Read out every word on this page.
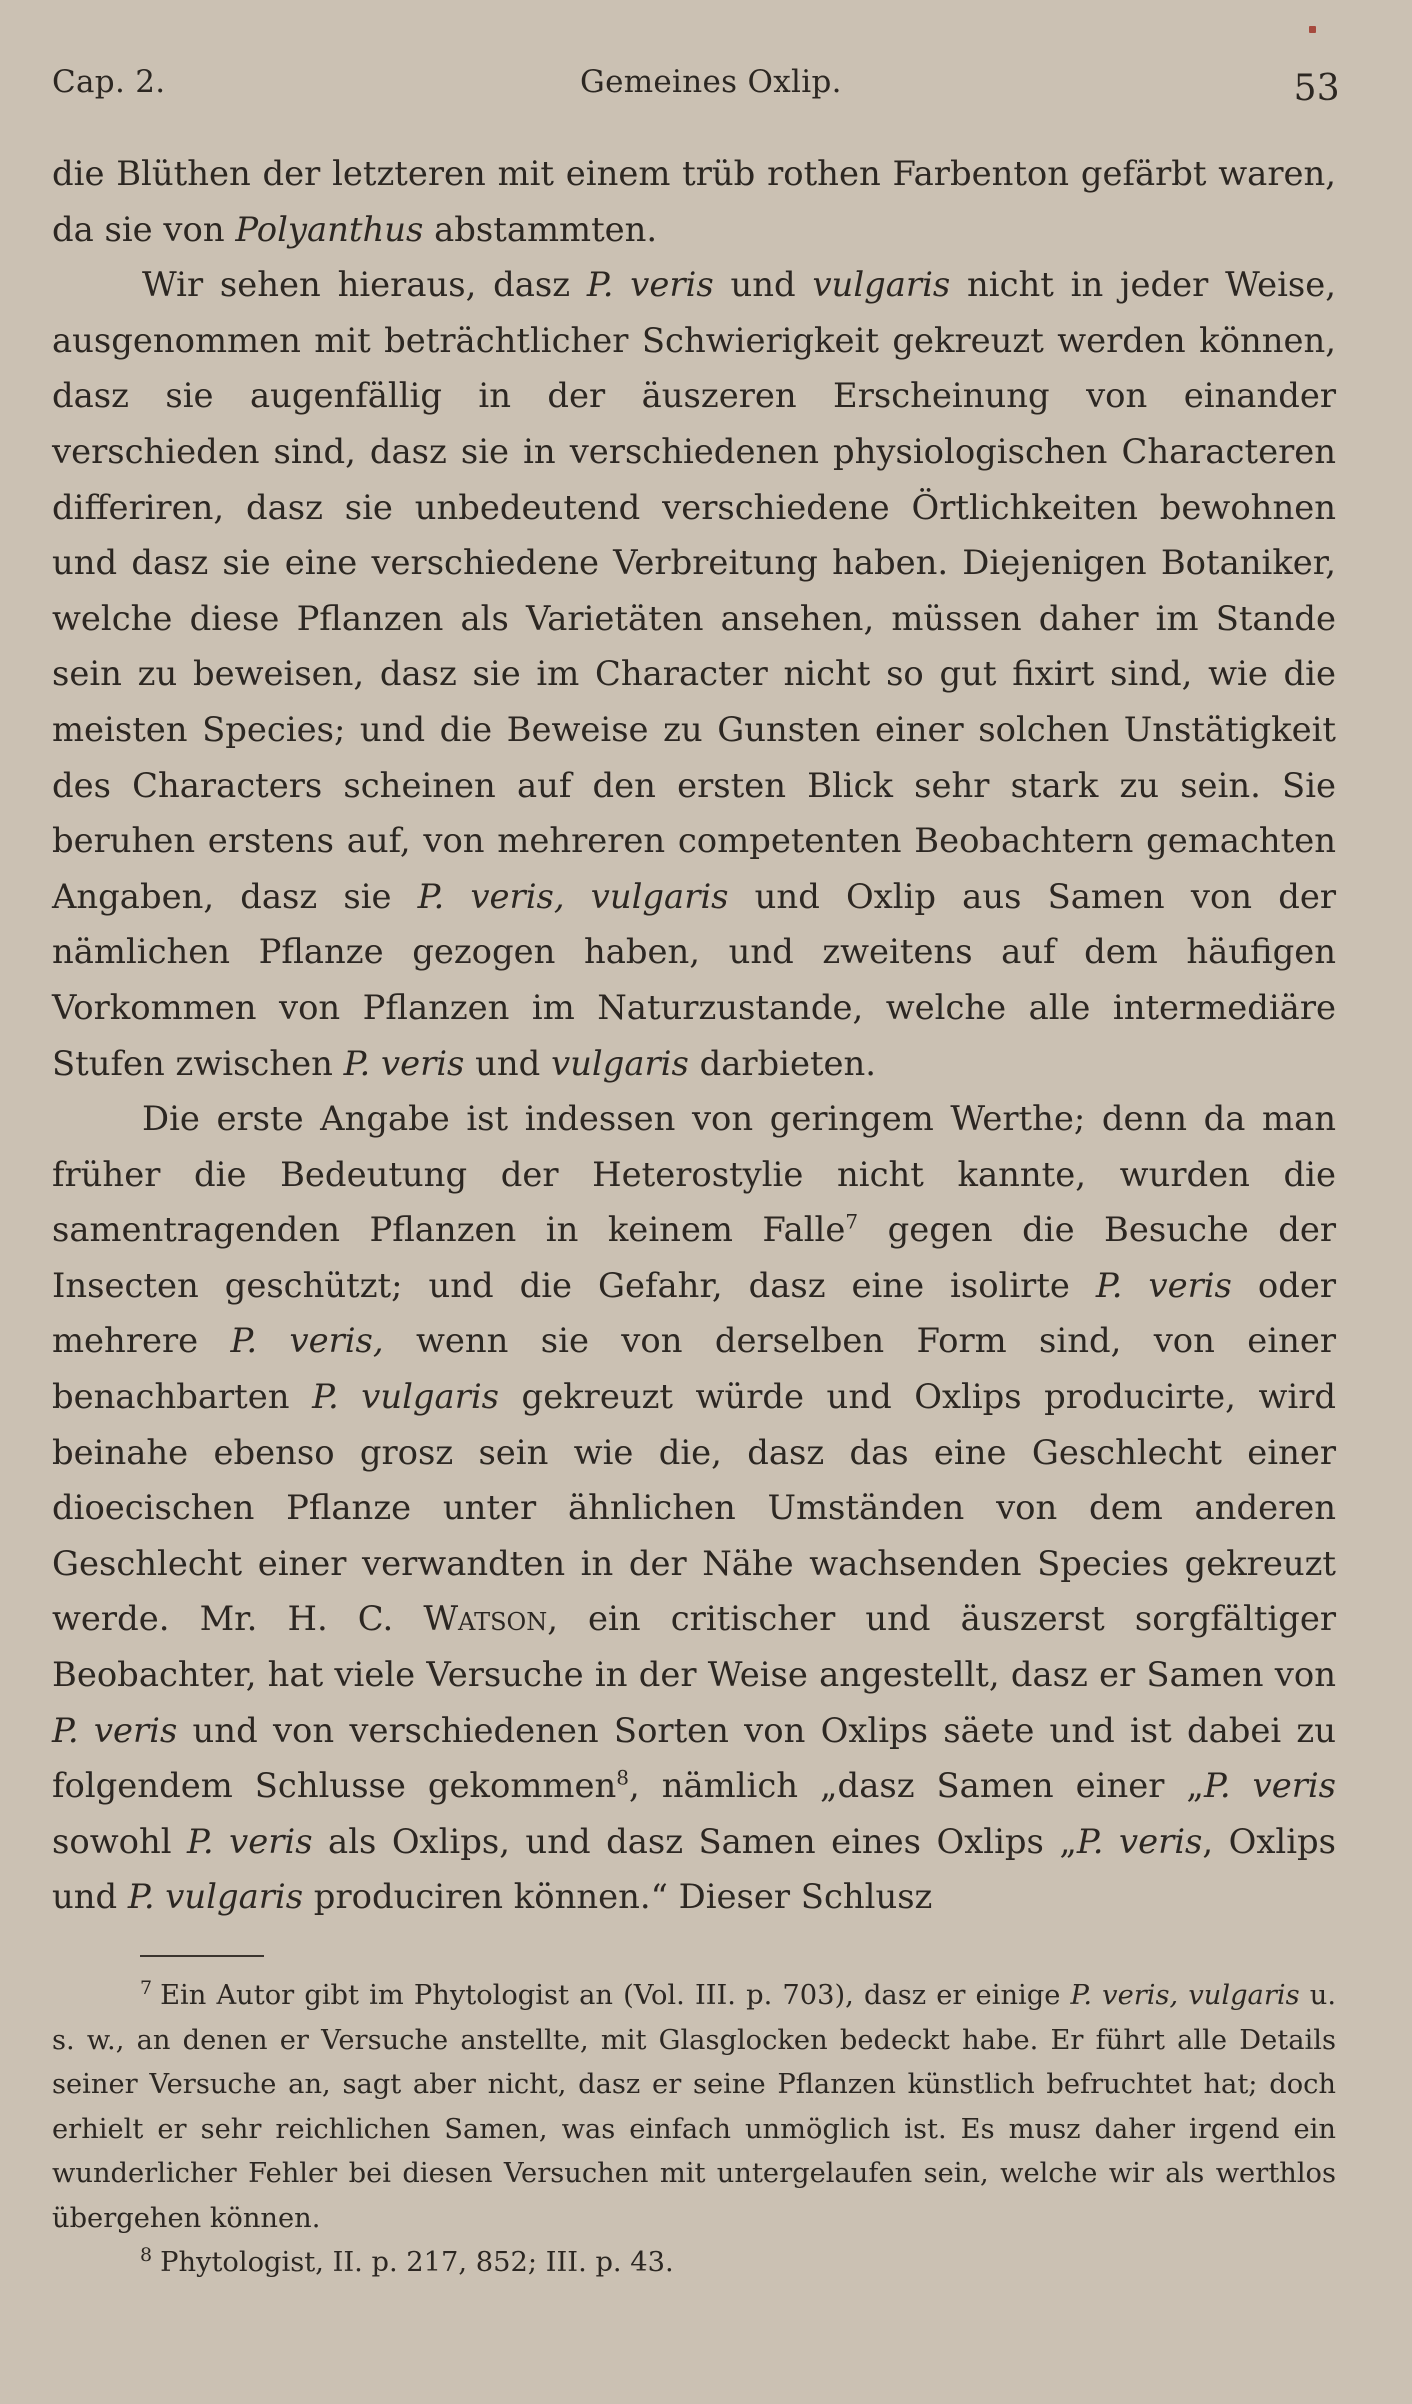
Cap. 2.	Gemeines Oxlip.	53

die Blüthen der letzteren mit einem trüb rothen Farbenton gefärbt waren, da sie von Polyanthus abstammten.

Wir sehen hieraus, dasz P. veris und vulgaris nicht in jeder Weise, ausgenommen mit beträchtlicher Schwierigkeit gekreuzt werden können, dasz sie augenfällig in der äuszeren Erscheinung von einander verschieden sind, dasz sie in verschiedenen physiologischen Characteren differiren, dasz sie unbedeutend verschiedene Örtlichkeiten bewohnen und dasz sie eine verschiedene Verbreitung haben. Diejenigen Botaniker, welche diese Pflanzen als Varietäten ansehen, müssen daher im Stande sein zu beweisen, dasz sie im Character nicht so gut fixirt sind, wie die meisten Species; und die Beweise zu Gunsten einer solchen Unstätigkeit des Characters scheinen auf den ersten Blick sehr stark zu sein. Sie beruhen erstens auf, von mehreren competenten Beobachtern gemachten Angaben, dasz sie P. veris, vulgaris und Oxlip aus Samen von der nämlichen Pflanze gezogen haben, und zweitens auf dem häufigen Vorkommen von Pflanzen im Naturzustande, welche alle intermediäre Stufen zwischen P. veris und vulgaris darbieten.

Die erste Angabe ist indessen von geringem Werthe; denn da man früher die Bedeutung der Heterostylie nicht kannte, wurden die samentragenden Pflanzen in keinem Falle$^7$ gegen die Besuche der Insecten geschützt; und die Gefahr, dasz eine isolirte P. veris oder mehrere P. veris, wenn sie von derselben Form sind, von einer benachbarten P. vulgaris gekreuzt würde und Oxlips producirte, wird beinahe ebenso grosz sein wie die, dasz das eine Geschlecht einer dioecischen Pflanze unter ähnlichen Umständen von dem anderen Geschlecht einer verwandten in der Nähe wachsenden Species gekreuzt werde. Mr. H. C. Watson, ein critischer und äuszerst sorgfältiger Beobachter, hat viele Versuche in der Weise angestellt, dasz er Samen von P. veris und von verschiedenen Sorten von Oxlips säete und ist dabei zu folgendem Schlusse gekommen$^8$, nämlich „dasz Samen einer „P. veris sowohl P. veris als Oxlips, und dasz Samen eines Oxlips „P. veris, Oxlips und P. vulgaris produciren können.“ Dieser Schlusz

$^7$ Ein Autor gibt im Phytologist an (Vol. III. p. 703), dasz er einige P. veris, vulgaris u. s. w., an denen er Versuche anstellte, mit Glasglocken bedeckt habe. Er führt alle Details seiner Versuche an, sagt aber nicht, dasz er seine Pflanzen künstlich befruchtet hat; doch erhielt er sehr reichlichen Samen, was einfach unmöglich ist. Es musz daher irgend ein wunderlicher Fehler bei diesen Versuchen mit untergelaufen sein, welche wir als werthlos übergehen können.

$^8$ Phytologist, II. p. 217, 852; III. p. 43.
